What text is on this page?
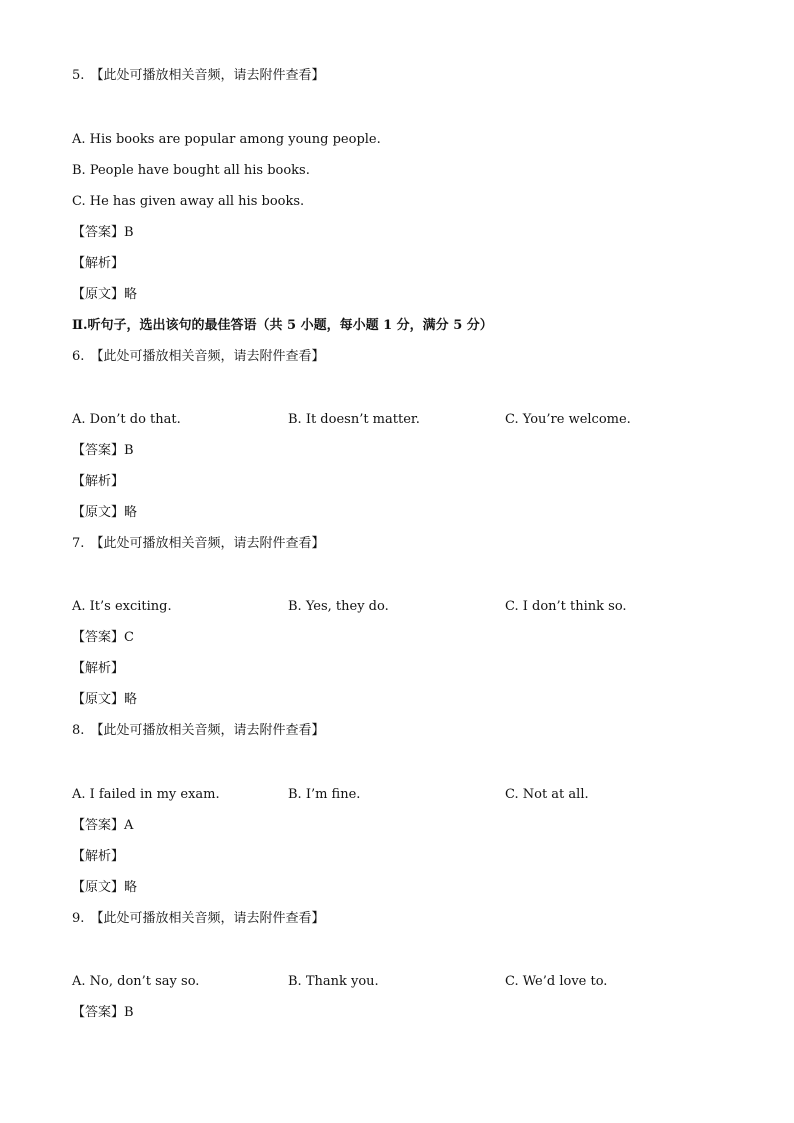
5. 【此处可播放相关音频，请去附件查看】
A. His books are popular among young people.
B. People have bought all his books.
C. He has given away all his books.
【答案】B
【解析】
【原文】略
Ⅱ.听句子，选出该句的最佳答语（共 5 小题，每小题 1 分，满分 5 分）
6. 【此处可播放相关音频，请去附件查看】
A. Don’t do that.	B. It doesn’t matter.	C. You’re welcome.
【答案】B
【解析】
【原文】略
7. 【此处可播放相关音频，请去附件查看】
A. It’s exciting.	B. Yes, they do.	C. I don’t think so.
【答案】C
【解析】
【原文】略
8. 【此处可播放相关音频，请去附件查看】
A. I failed in my exam.	B. I’m fine.	C. Not at all.
【答案】A
【解析】
【原文】略
9. 【此处可播放相关音频，请去附件查看】
A. No, don’t say so.	B. Thank you.	C. We’d love to.
【答案】B
